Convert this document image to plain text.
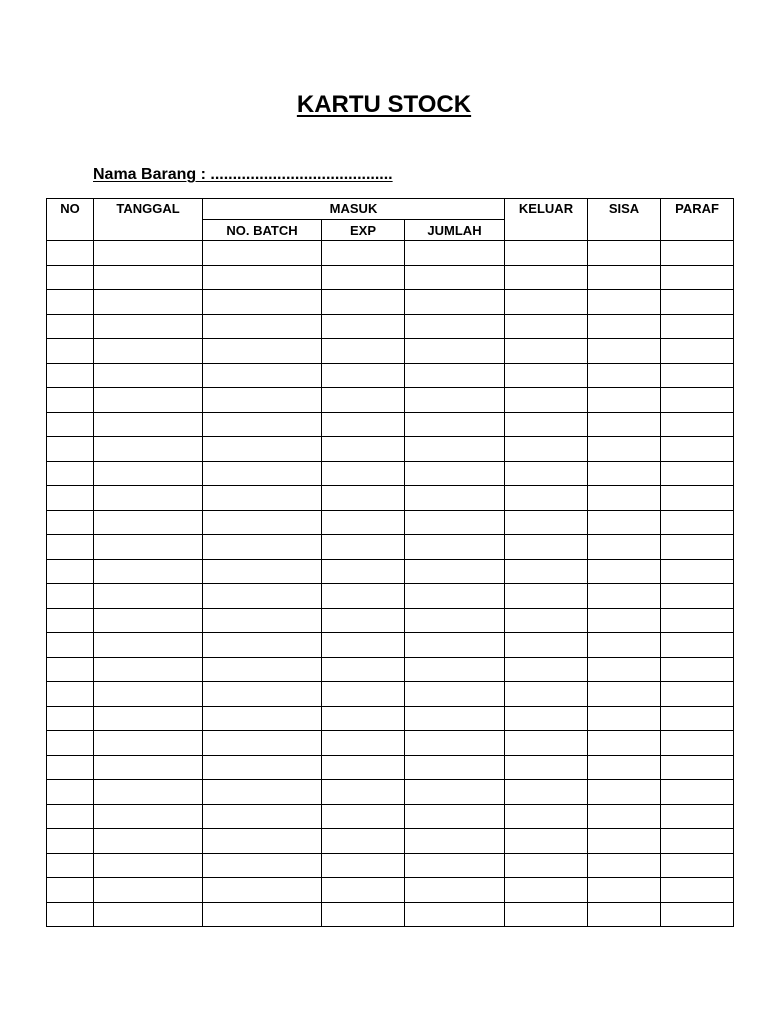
KARTU STOCK
Nama Barang : .........................................
NO	TANGGAL	MASUK			KELUAR	SISA	PARAF
		NO. BATCH	EXP	JUMLAH			
